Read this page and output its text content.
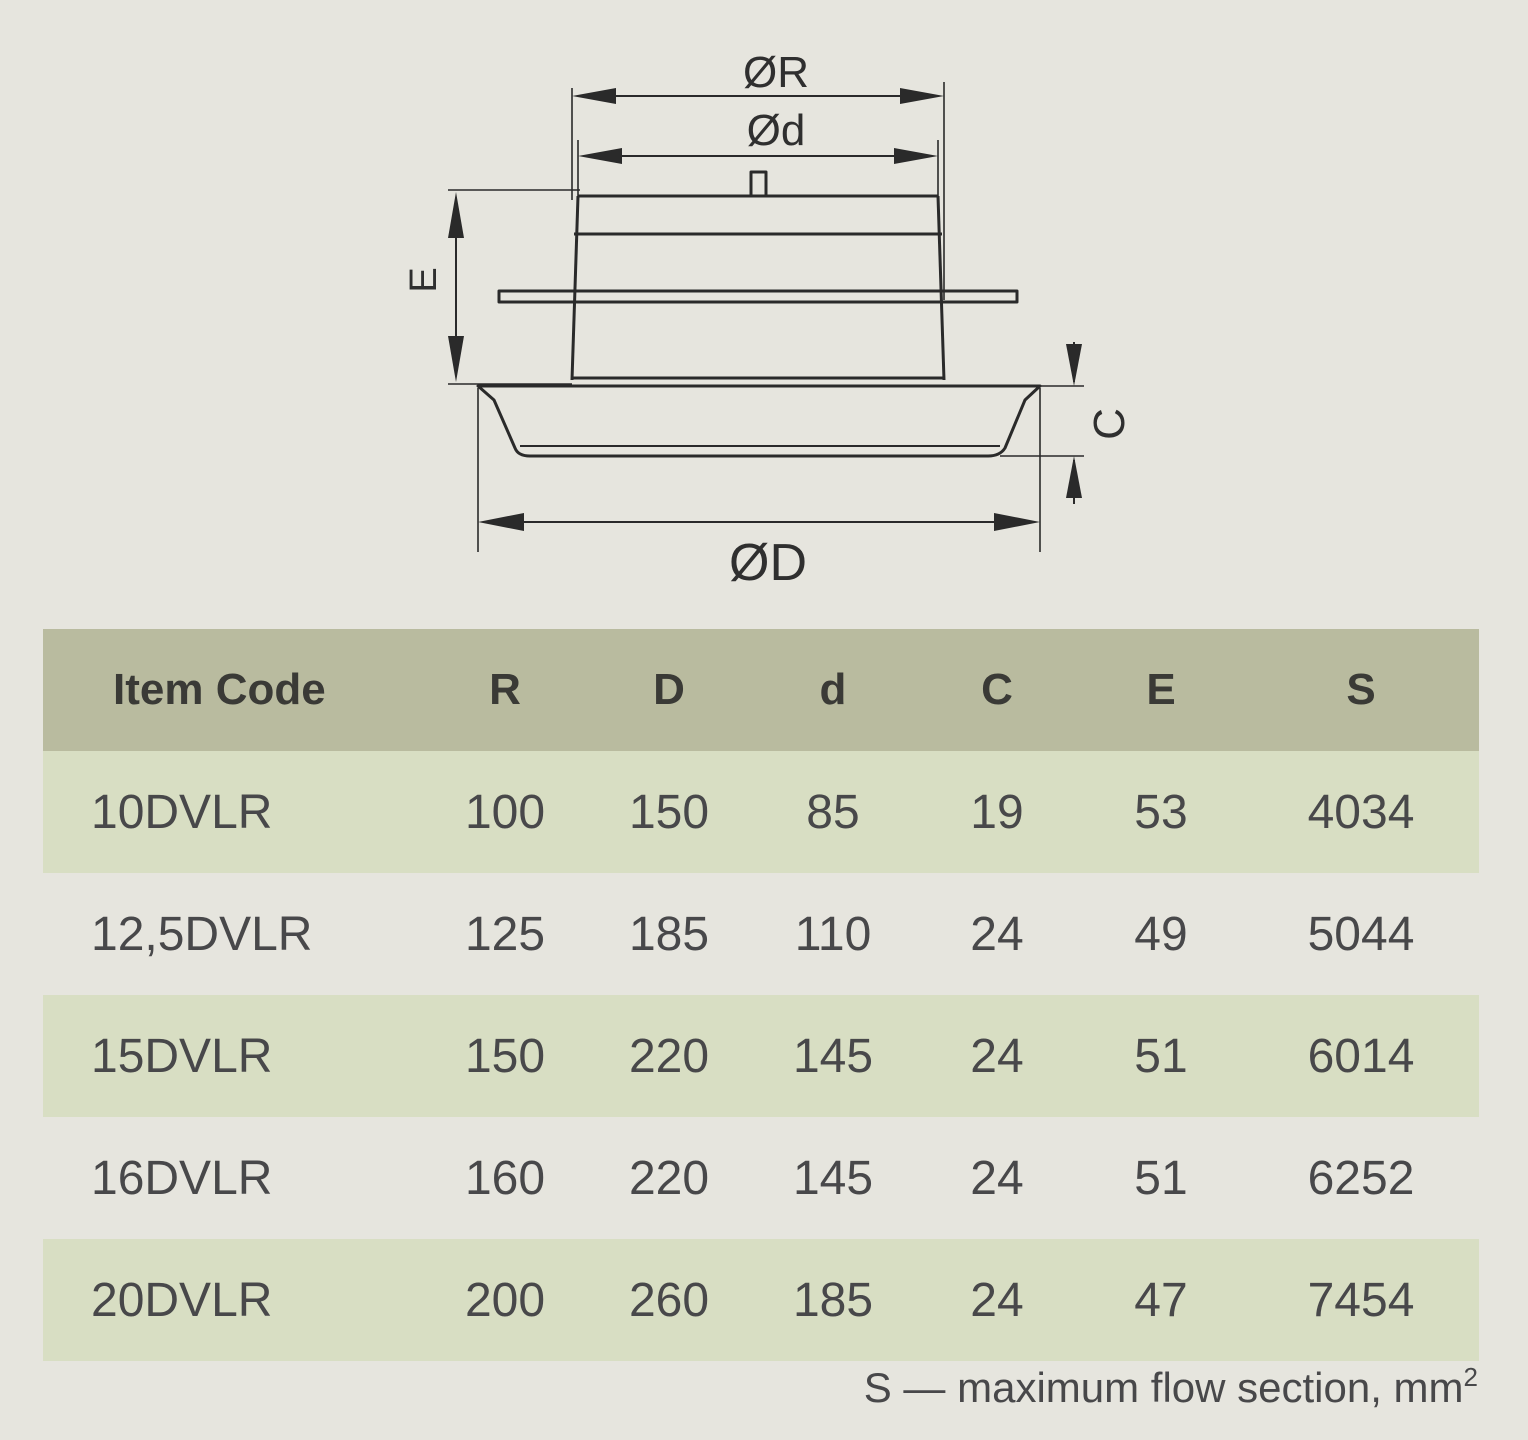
ØR
Ød
E
C
ØD
Item Code	R	D	d	C	E	S
10DVLR	100	150	85	19	53	4034
12,5DVLR	125	185	110	24	49	5044
15DVLR	150	220	145	24	51	6014
16DVLR	160	220	145	24	51	6252
20DVLR	200	260	185	24	47	7454
S — maximum flow section, $mm^2$
